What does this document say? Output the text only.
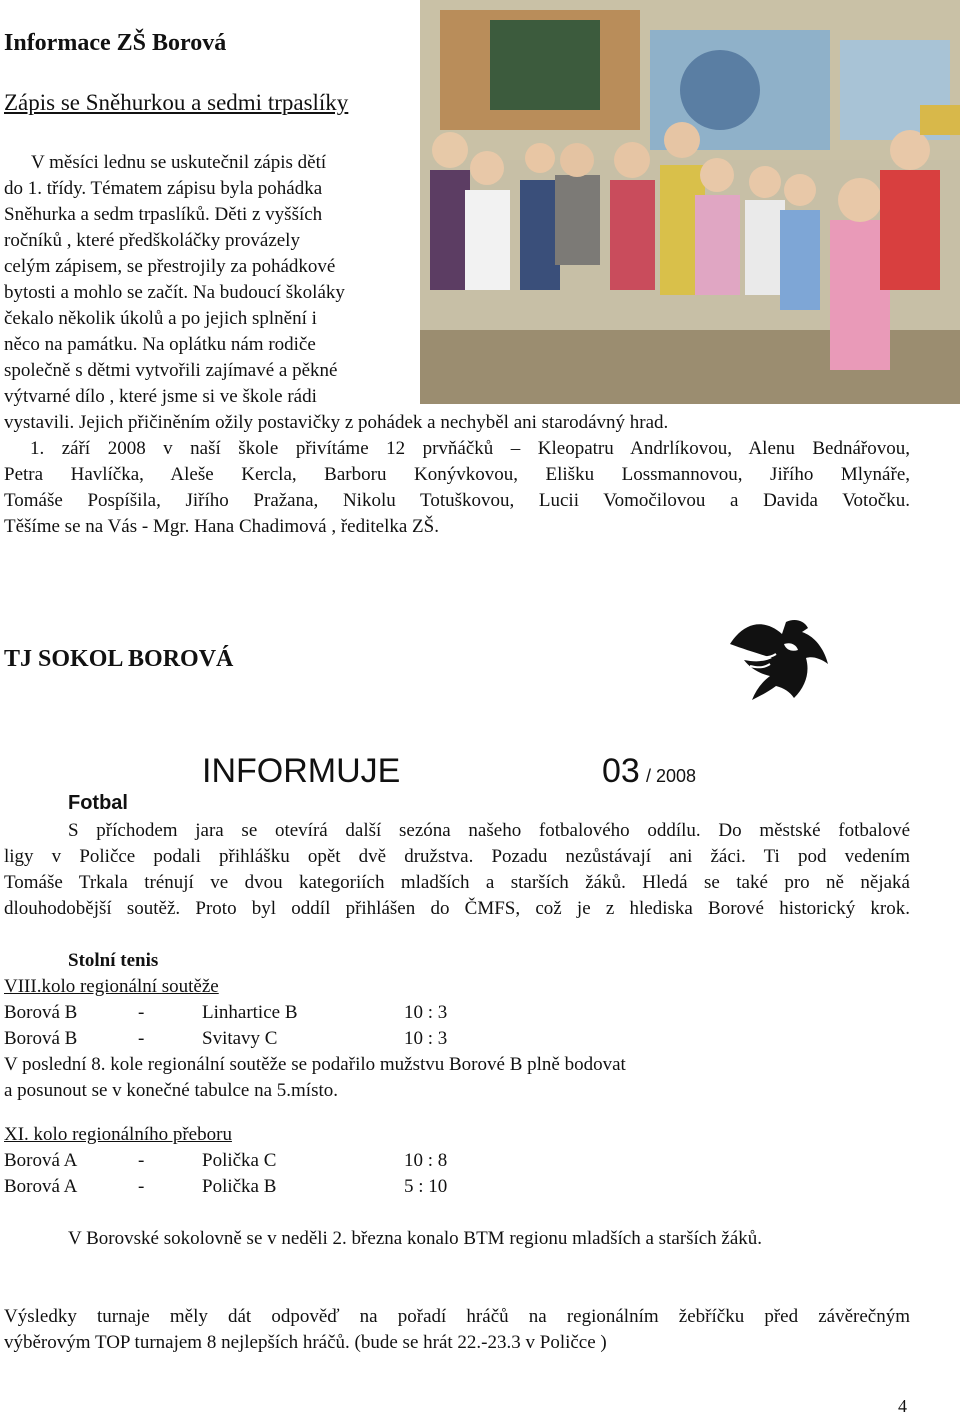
Informace ZŠ Borová
Zápis se Sněhurkou a sedmi trpaslíky
V měsíci lednu se uskutečnil zápis dětí
do 1. třídy. Tématem zápisu byla pohádka
Sněhurka a sedm trpaslíků. Děti z vyšších
ročníků , které předškoláčky provázely
celým zápisem, se přestrojily za pohádkové
bytosti a mohlo se začít. Na budoucí školáky
čekalo několik úkolů a po jejich splnění i
něco na památku. Na oplátku nám rodiče
společně s dětmi vytvořili zajímavé a pěkné
výtvarné dílo , které jsme si ve škole rádi
vystavili. Jejich přičiněním ožily postavičky z pohádek a nechyběl ani starodávný hrad.
1. září 2008 v naší škole přivítáme 12 prvňáčků – Kleopatru Andrlíkovou, Alenu Bednářovou,
Petra Havlíčka, Aleše Kercla, Barboru Konývkovou, Elišku Lossmannovou, Jiřího Mlynáře,
Tomáše Pospíšila, Jiřího Pražana, Nikolu Totuškovou, Lucii Vomočilovou a Davida Votočku.
Těšíme se na Vás - Mgr. Hana Chadimová , ředitelka ZŠ.
TJ SOKOL BOROVÁ
INFORMUJE	03 / 2008
Fotbal
S příchodem jara se otevírá další sezóna našeho fotbalového oddílu. Do městské fotbalové
ligy v Poličce podali přihlášku opět dvě družstva. Pozadu nezůstávají ani žáci. Ti pod vedením
Tomáše Trkala trénují ve dvou kategoriích mladších a starších žáků. Hledá se také pro ně nějaká
dlouhodobější soutěž. Proto byl oddíl přihlášen do ČMFS, což je z hlediska Borové historický krok.
Stolní tenis
VIII.kolo regionální soutěže
Borová B	-	Linhartice B	10 : 3
Borová B	-	Svitavy C	10 : 3
V poslední 8. kole regionální soutěže se podařilo mužstvu Borové B plně bodovat
a posunout se v konečné tabulce na 5.místo.
XI. kolo regionálního přeboru
Borová A	-	Polička C	10 : 8
Borová A	-	Polička B	5 : 10
V Borovské sokolovně se v neděli 2. března konalo BTM regionu mladších a starších žáků.
Výsledky turnaje měly dát odpověď na pořadí hráčů na regionálním žebříčku před závěrečným
výběrovým TOP turnajem 8 nejlepších hráčů. (bude se hrát 22.-23.3 v Poličce )
4
